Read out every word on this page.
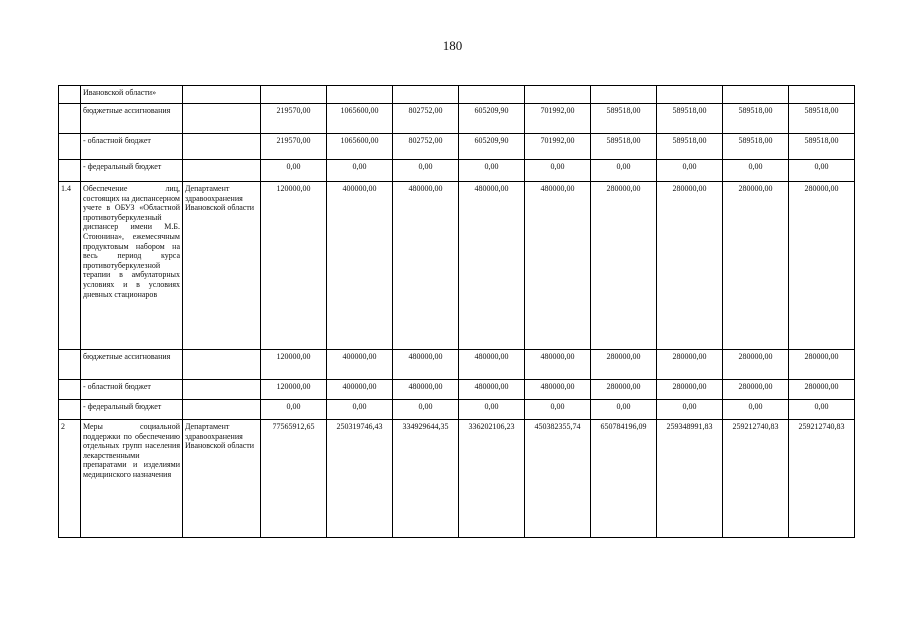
180
	Ивановской области»										
	бюджетные ассигнования		219570,00	1065600,00	802752,00	605209,90	701992,00	589518,00	589518,00	589518,00	589518,00
	- областной бюджет		219570,00	1065600,00	802752,00	605209,90	701992,00	589518,00	589518,00	589518,00	589518,00
	- федеральный бюджет		0,00	0,00	0,00	0,00	0,00	0,00	0,00	0,00	0,00
1.4	Обеспечение лиц, состоящих на диспансерном учете в ОБУЗ «Областной противотуберкулезный диспансер имени М.Б. Стоюнина», ежемесячным продуктовым набором на весь период курса противотуберкулезной терапии в амбулаторных условиях и в условиях дневных стационаров	Департамент здравоохранения Ивановской области	120000,00	400000,00	480000,00	480000,00	480000,00	280000,00	280000,00	280000,00	280000,00
	бюджетные ассигнования		120000,00	400000,00	480000,00	480000,00	480000,00	280000,00	280000,00	280000,00	280000,00
	- областной бюджет		120000,00	400000,00	480000,00	480000,00	480000,00	280000,00	280000,00	280000,00	280000,00
	- федеральный бюджет		0,00	0,00	0,00	0,00	0,00	0,00	0,00	0,00	0,00
2	Меры социальной поддержки по обеспечению отдельных групп населения лекарственными препаратами и изделиями медицинского назначения	Департамент здравоохранения Ивановской области	77565912,65	250319746,43	334929644,35	336202106,23	450382355,74	650784196,09	259348991,83	259212740,83	259212740,83
